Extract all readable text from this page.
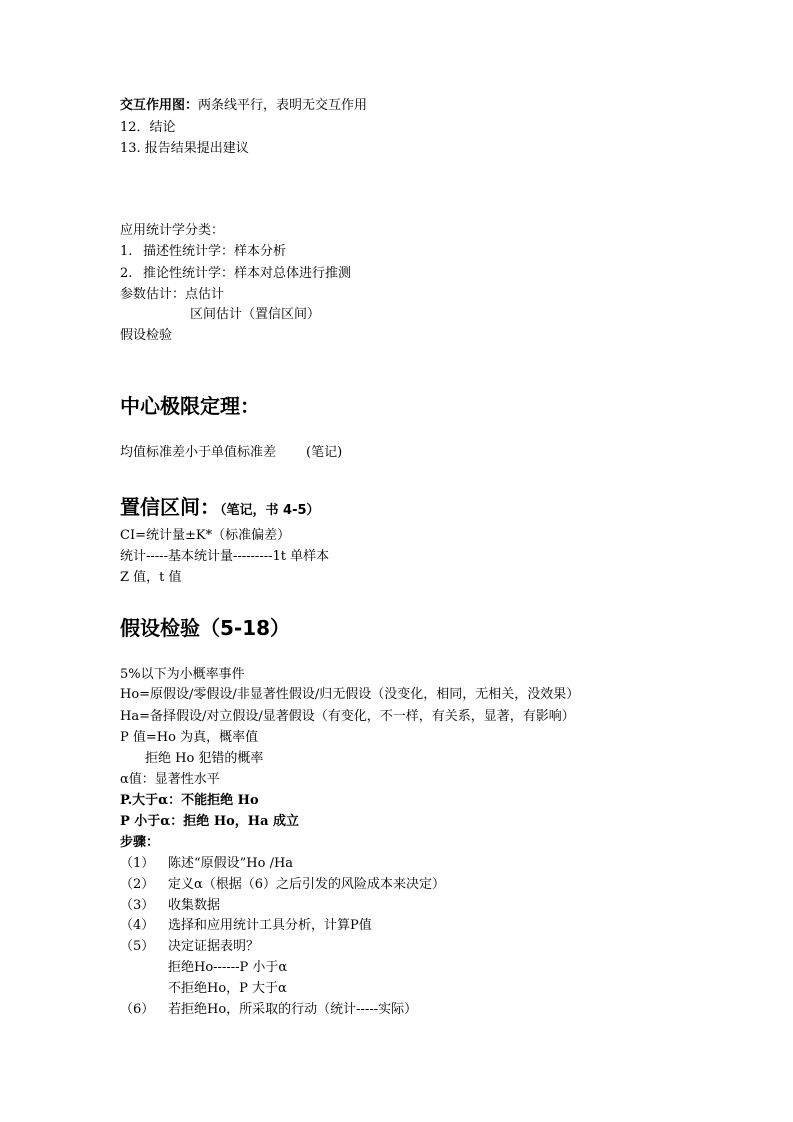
交互作用图：两条线平行，表明无交互作用
12．结论
13. 报告结果提出建议
应用统计学分类：
1. 描述性统计学：样本分析
2. 推论性统计学：样本对总体进行推测
参数估计：点估计
区间估计（置信区间）
假设检验
中心极限定理：
均值标准差小于单值标准差 (笔记)
置信区间：（笔记，书 4-5）
CI=统计量±K*（标准偏差）
统计-----基本统计量---------1t 单样本
Z 值，t 值
假设检验（5-18）
5%以下为小概率事件
Ho=原假设/零假设/非显著性假设/归无假设（没变化，相同，无相关，没效果）
Ha=备择假设/对立假设/显著假设（有变化，不一样，有关系，显著，有影响）
P 值=Ho 为真，概率值
拒绝 Ho 犯错的概率
α值：显著性水平
P.大于α：不能拒绝 Ho
P 小于α：拒绝 Ho，Ha 成立
步骤：
（1） 陈述“原假设”Ho /Ha
（2） 定义α（根据（6）之后引发的风险成本来决定）
（3） 收集数据
（4） 选择和应用统计工具分析，计算P值
（5） 决定证据表明？
拒绝Ho------P 小于α
不拒绝Ho，P 大于α
（6） 若拒绝Ho，所采取的行动（统计-----实际）
